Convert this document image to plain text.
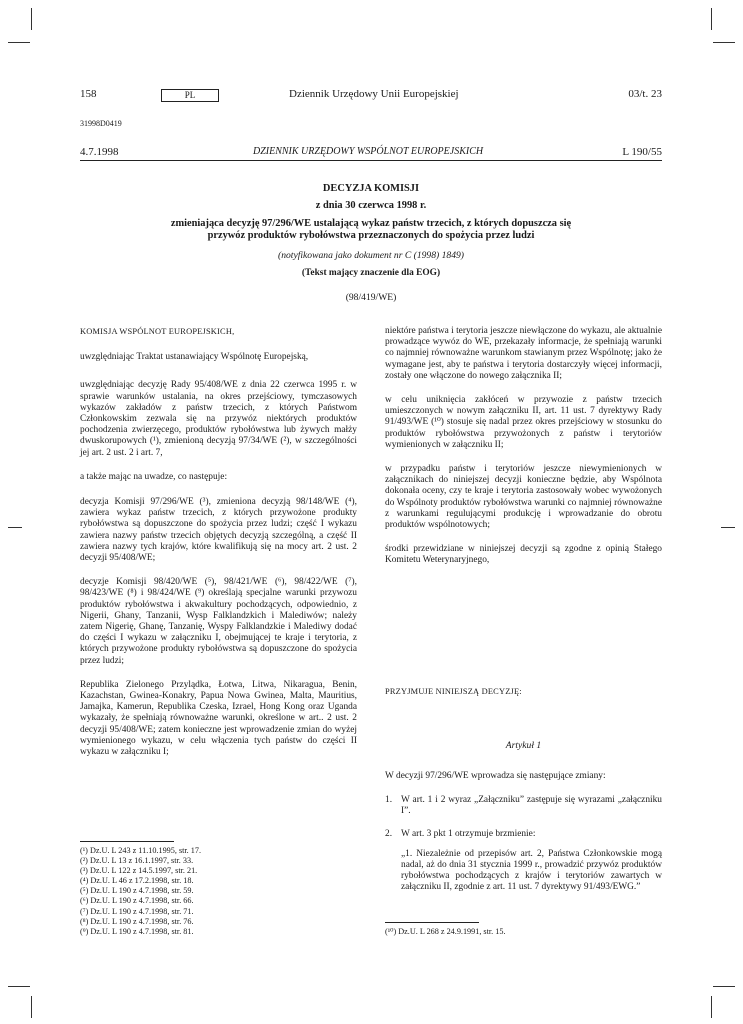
158	PL	Dziennik Urzędowy Unii Europejskiej	03/t. 23
31998D0419
4.7.1998	DZIENNIK URZĘDOWY WSPÓLNOT EUROPEJSKICH	L 190/55
DECYZJA KOMISJI
z dnia 30 czerwca 1998 r.
zmieniająca decyzję 97/296/WE ustalającą wykaz państw trzecich, z których dopuszcza się
przywóz produktów rybołówstwa przeznaczonych do spożycia przez ludzi
(notyfikowana jako dokument nr C (1998) 1849)
(Tekst mający znaczenie dla EOG)
(98/419/WE)

KOMISJA WSPÓLNOT EUROPEJSKICH,

uwzględniając Traktat ustanawiający Wspólnotę Europejską,

uwzględniając decyzję Rady 95/408/WE z dnia 22 czerwca 1995 r. w sprawie warunków ustalania, na okres przejściowy, tymczasowych wykazów zakładów z państw trzecich, z których Państwom Członkowskim zezwala się na przywóz niektórych produktów pochodzenia zwierzęcego, produktów rybołówstwa lub żywych małży dwuskorupowych (¹), zmienioną decyzją 97/34/WE (²), w szczególności jej art. 2 ust. 2 i art. 7,

a także mając na uwadze, co następuje:

decyzja Komisji 97/296/WE (³), zmieniona decyzją 98/148/WE (⁴), zawiera wykaz państw trzecich, z których przywożone produkty rybołówstwa są dopuszczone do spożycia przez ludzi; część I wykazu zawiera nazwy państw trzecich objętych decyzją szczególną, a część II zawiera nazwy tych krajów, które kwalifikują się na mocy art. 2 ust. 2 decyzji 95/408/WE;

decyzje Komisji 98/420/WE (⁵), 98/421/WE (⁶), 98/422/WE (⁷), 98/423/WE (⁸) i 98/424/WE (⁹) określają specjalne warunki przywozu produktów rybołówstwa i akwakultury pochodzących, odpowiednio, z Nigerii, Ghany, Tanzanii, Wysp Falklandzkich i Malediwów; należy zatem Nigerię, Ghanę, Tanzanię, Wyspy Falklandzkie i Malediwy dodać do części I wykazu w załączniku I, obejmującej te kraje i terytoria, z których przywożone produkty rybołówstwa są dopuszczone do spożycia przez ludzi;

Republika Zielonego Przylądka, Łotwa, Litwa, Nikaragua, Benin, Kazachstan, Gwinea-Konakry, Papua Nowa Gwinea, Malta, Mauritius, Jamajka, Kamerun, Republika Czeska, Izrael, Hong Kong oraz Uganda wykazały, że spełniają równoważne warunki, określone w art.. 2 ust. 2 decyzji 95/408/WE; zatem konieczne jest wprowadzenie zmian do wyżej wymienionego wykazu, w celu włączenia tych państw do części II wykazu w załączniku I;

(¹) Dz.U. L 243 z 11.10.1995, str. 17.
(²) Dz.U. L 13 z 16.1.1997, str. 33.
(³) Dz.U. L 122 z 14.5.1997, str. 21.
(⁴) Dz.U. L 46 z 17.2.1998, str. 18.
(⁵) Dz.U. L 190 z 4.7.1998, str. 59.
(⁶) Dz.U. L 190 z 4.7.1998, str. 66.
(⁷) Dz.U. L 190 z 4.7.1998, str. 71.
(⁸) Dz.U. L 190 z 4.7.1998, str. 76.
(⁹) Dz.U. L 190 z 4.7.1998, str. 81.

niektóre państwa i terytoria jeszcze niewłączone do wykazu, ale aktualnie prowadzące wywóz do WE, przekazały informacje, że spełniają warunki co najmniej równoważne warunkom stawianym przez Wspólnotę; jako że wymagane jest, aby te państwa i terytoria dostarczyły więcej informacji, zostały one włączone do nowego załącznika II;

w celu uniknięcia zakłóceń w przywozie z państw trzecich umieszczonych w nowym załączniku II, art. 11 ust. 7 dyrektywy Rady 91/493/WE (¹⁰) stosuje się nadal przez okres przejściowy w stosunku do produktów rybołówstwa przywożonych z państw i terytoriów wymienionych w załączniku II;

w przypadku państw i terytoriów jeszcze niewymienionych w załącznikach do niniejszej decyzji konieczne będzie, aby Wspólnota dokonała oceny, czy te kraje i terytoria zastosowały wobec wywożonych do Wspólnoty produktów rybołówstwa warunki co najmniej równoważne z warunkami regulującymi produkcję i wprowadzanie do obrotu produktów wspólnotowych;

środki przewidziane w niniejszej decyzji są zgodne z opinią Stałego Komitetu Weterynaryjnego,

PRZYJMUJE NINIEJSZĄ DECYZJĘ:
Artykuł 1

W decyzji 97/296/WE wprowadza się następujące zmiany:

1. W art. 1 i 2 wyraz „Załączniku” zastępuje się wyrazami „załączniku I”.
2. W art. 3 pkt 1 otrzymuje brzmienie:

„1. Niezależnie od przepisów art. 2, Państwa Członkowskie mogą nadal, aż do dnia 31 stycznia 1999 r., prowadzić przywóz produktów rybołówstwa pochodzących z krajów i terytoriów zawartych w załączniku II, zgodnie z art. 11 ust. 7 dyrektywy 91/493/EWG.”

(¹⁰) Dz.U. L 268 z 24.9.1991, str. 15.
